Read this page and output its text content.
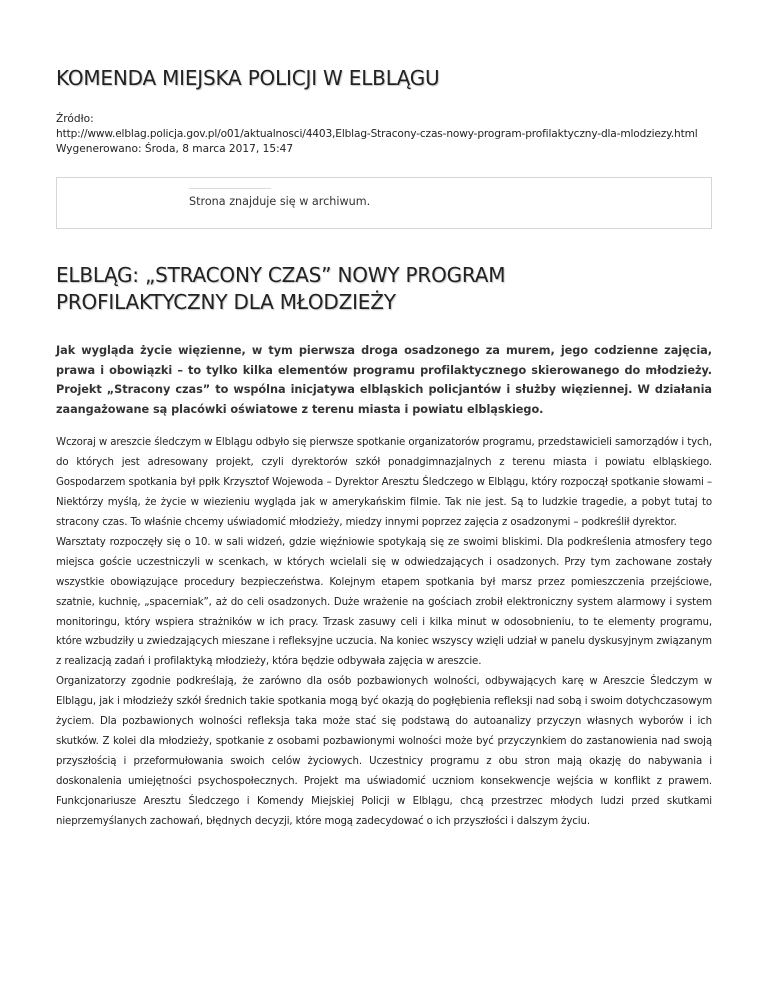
KOMENDA MIEJSKA POLICJI W ELBLĄGU
Źródło:
http://www.elblag.policja.gov.pl/o01/aktualnosci/4403,Elblag-Stracony-czas-nowy-program-profilaktyczny-dla-mlodziezy.html
Wygenerowano: Środa, 8 marca 2017, 15:47
Strona znajduje się w archiwum.
ELBLĄG: „STRACONY CZAS” NOWY PROGRAM PROFILAKTYCZNY DLA MŁODZIEŻY
Jak wygląda życie więzienne, w tym pierwsza droga osadzonego za murem, jego codzienne zajęcia, prawa i obowiązki – to tylko kilka elementów programu profilaktycznego skierowanego do młodzieży. Projekt „Stracony czas” to wspólna inicjatywa elbląskich policjantów i służby więziennej. W działania zaangażowane są placówki oświatowe z terenu miasta i powiatu elbląskiego.

Wczoraj w areszcie śledczym w Elblągu odbyło się pierwsze spotkanie organizatorów programu, przedstawicieli samorządów i tych, do których jest adresowany projekt, czyli dyrektorów szkół ponadgimnazjalnych z terenu miasta i powiatu elbląskiego. Gospodarzem spotkania był ppłk Krzysztof Wojewoda – Dyrektor Aresztu Śledczego w Elblągu, który rozpoczął spotkanie słowami – Niektórzy myślą, że życie w wiezieniu wygląda jak w amerykańskim filmie. Tak nie jest. Są to ludzkie tragedie, a pobyt tutaj to stracony czas. To właśnie chcemy uświadomić młodzieży, miedzy innymi poprzez zajęcia z osadzonymi – podkreślił dyrektor.

Warsztaty rozpoczęły się o 10. w sali widzeń, gdzie więźniowie spotykają się ze swoimi bliskimi. Dla podkreślenia atmosfery tego miejsca goście uczestniczyli w scenkach, w których wcielali się w odwiedzających i osadzonych. Przy tym zachowane zostały wszystkie obowiązujące procedury bezpieczeństwa. Kolejnym etapem spotkania był marsz przez pomieszczenia przejściowe, szatnie, kuchnię, „spacerniak”, aż do celi osadzonych. Duże wrażenie na gościach zrobił elektroniczny system alarmowy i system monitoringu, który wspiera strażników w ich pracy. Trzask zasuwy celi i kilka minut w odosobnieniu, to te elementy programu, które wzbudziły u zwiedzających mieszane i refleksyjne uczucia. Na koniec wszyscy wzięli udział w panelu dyskusyjnym związanym z realizacją zadań i profilaktyką młodzieży, która będzie odbywała zajęcia w areszcie.

Organizatorzy zgodnie podkreślają, że zarówno dla osób pozbawionych wolności, odbywających karę w Areszcie Śledczym w Elblągu, jak i młodzieży szkół średnich takie spotkania mogą być okazją do pogłębienia refleksji nad sobą i swoim dotychczasowym życiem. Dla pozbawionych wolności refleksja taka może stać się podstawą do autoanalizy przyczyn własnych wyborów i ich skutków. Z kolei dla młodzieży, spotkanie z osobami pozbawionymi wolności może być przyczynkiem do zastanowienia nad swoją przyszłością i przeformułowania swoich celów życiowych. Uczestnicy programu z obu stron mają okazję do nabywania i doskonalenia umiejętności psychospołecznych. Projekt ma uświadomić uczniom konsekwencje wejścia w konflikt z prawem. Funkcjonariusze Aresztu Śledczego i Komendy Miejskiej Policji w Elblągu, chcą przestrzec młodych ludzi przed skutkami nieprzemyślanych zachowań, błędnych decyzji, które mogą zadecydować o ich przyszłości i dalszym życiu.
